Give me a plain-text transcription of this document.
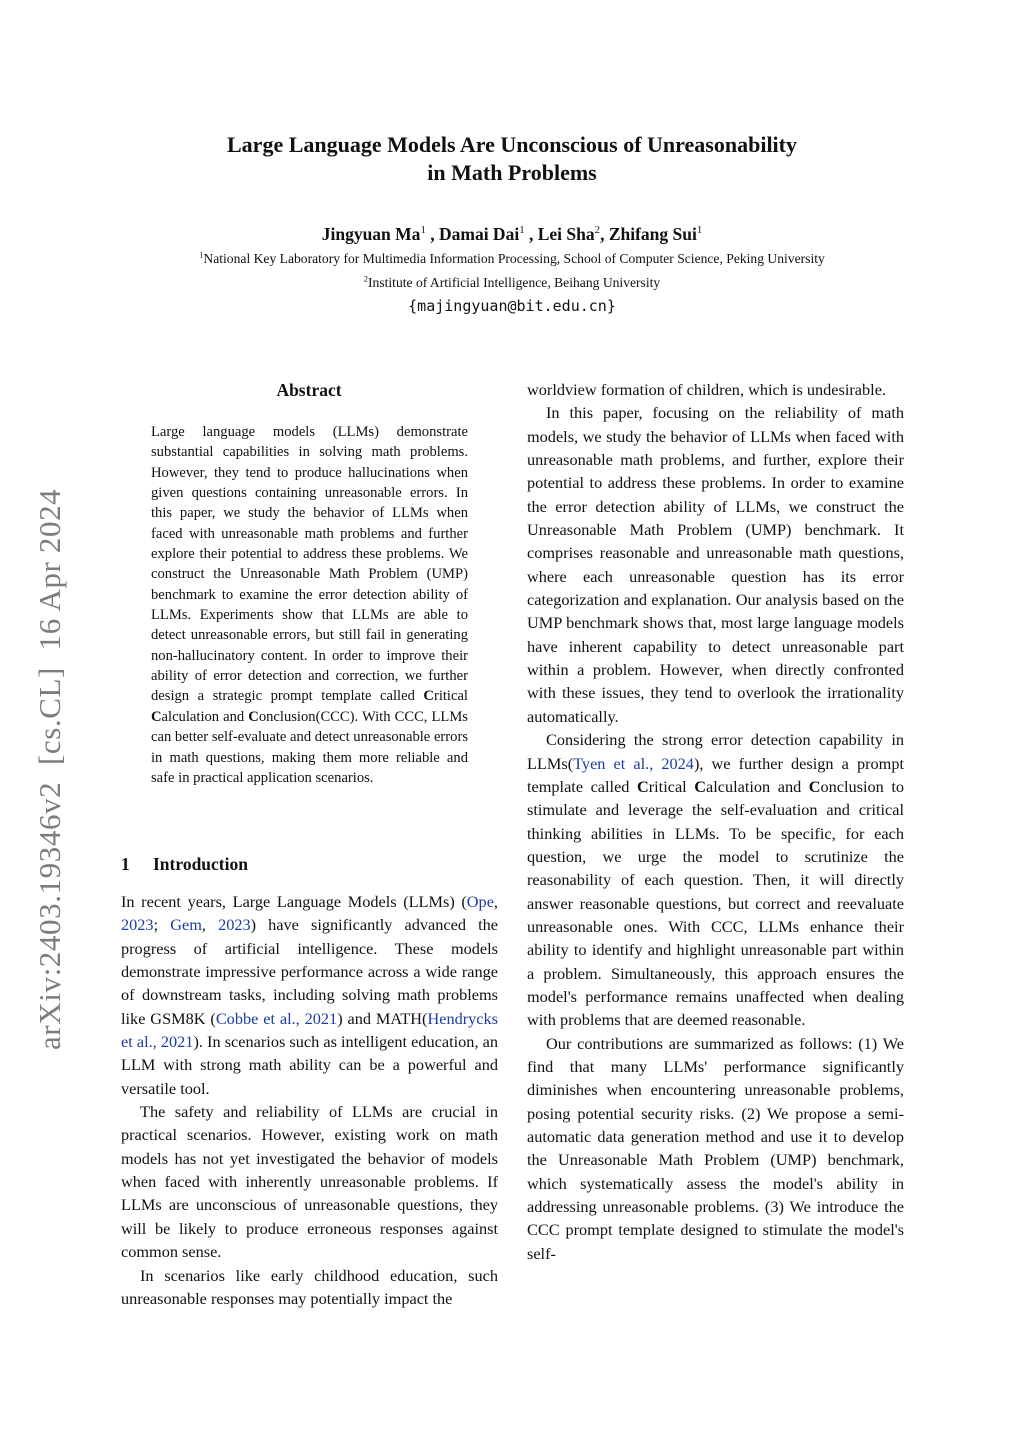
Large Language Models Are Unconscious of Unreasonability
in Math Problems
Jingyuan Ma$^1$ , Damai Dai$^1$ , Lei Sha$^2$, Zhifang Sui$^1$
$^1$National Key Laboratory for Multimedia Information Processing, School of Computer Science, Peking University
$^2$Institute of Artificial Intelligence, Beihang University
{majingyuan@bit.edu.cn}
arXiv:2403.19346v2  [cs.CL]  16 Apr 2024
Abstract
Large language models (LLMs) demonstrate substantial capabilities in solving math problems. However, they tend to produce hallucinations when given questions containing unreasonable errors. In this paper, we study the behavior of LLMs when faced with unreasonable math problems and further explore their potential to address these problems. We construct the Unreasonable Math Problem (UMP) benchmark to examine the error detection ability of LLMs. Experiments show that LLMs are able to detect unreasonable errors, but still fail in generating non-hallucinatory content. In order to improve their ability of error detection and correction, we further design a strategic prompt template called Critical Calculation and Conclusion(CCC). With CCC, LLMs can better self-evaluate and detect unreasonable errors in math questions, making them more reliable and safe in practical application scenarios.
1 Introduction

In recent years, Large Language Models (LLMs) (Ope, 2023; Gem, 2023) have significantly advanced the progress of artificial intelligence. These models demonstrate impressive performance across a wide range of downstream tasks, including solving math problems like GSM8K (Cobbe et al., 2021) and MATH(Hendrycks et al., 2021). In scenarios such as intelligent education, an LLM with strong math ability can be a powerful and versatile tool.

The safety and reliability of LLMs are crucial in practical scenarios. However, existing work on math models has not yet investigated the behavior of models when faced with inherently unreasonable problems. If LLMs are unconscious of unreasonable questions, they will be likely to produce erroneous responses against common sense.

In scenarios like early childhood education, such unreasonable responses may potentially impact the

worldview formation of children, which is undesirable.

In this paper, focusing on the reliability of math models, we study the behavior of LLMs when faced with unreasonable math problems, and further, explore their potential to address these problems. In order to examine the error detection ability of LLMs, we construct the Unreasonable Math Problem (UMP) benchmark. It comprises reasonable and unreasonable math questions, where each unreasonable question has its error categorization and explanation. Our analysis based on the UMP benchmark shows that, most large language models have inherent capability to detect unreasonable part within a problem. However, when directly confronted with these issues, they tend to overlook the irrationality automatically.

Considering the strong error detection capability in LLMs(Tyen et al., 2024), we further design a prompt template called Critical Calculation and Conclusion to stimulate and leverage the self-evaluation and critical thinking abilities in LLMs. To be specific, for each question, we urge the model to scrutinize the reasonability of each question. Then, it will directly answer reasonable questions, but correct and reevaluate unreasonable ones. With CCC, LLMs enhance their ability to identify and highlight unreasonable part within a problem. Simultaneously, this approach ensures the model's performance remains unaffected when dealing with problems that are deemed reasonable.

Our contributions are summarized as follows: (1) We find that many LLMs' performance significantly diminishes when encountering unreasonable problems, posing potential security risks. (2) We propose a semi-automatic data generation method and use it to develop the Unreasonable Math Problem (UMP) benchmark, which systematically assess the model's ability in addressing unreasonable problems. (3) We introduce the CCC prompt template designed to stimulate the model's self-
